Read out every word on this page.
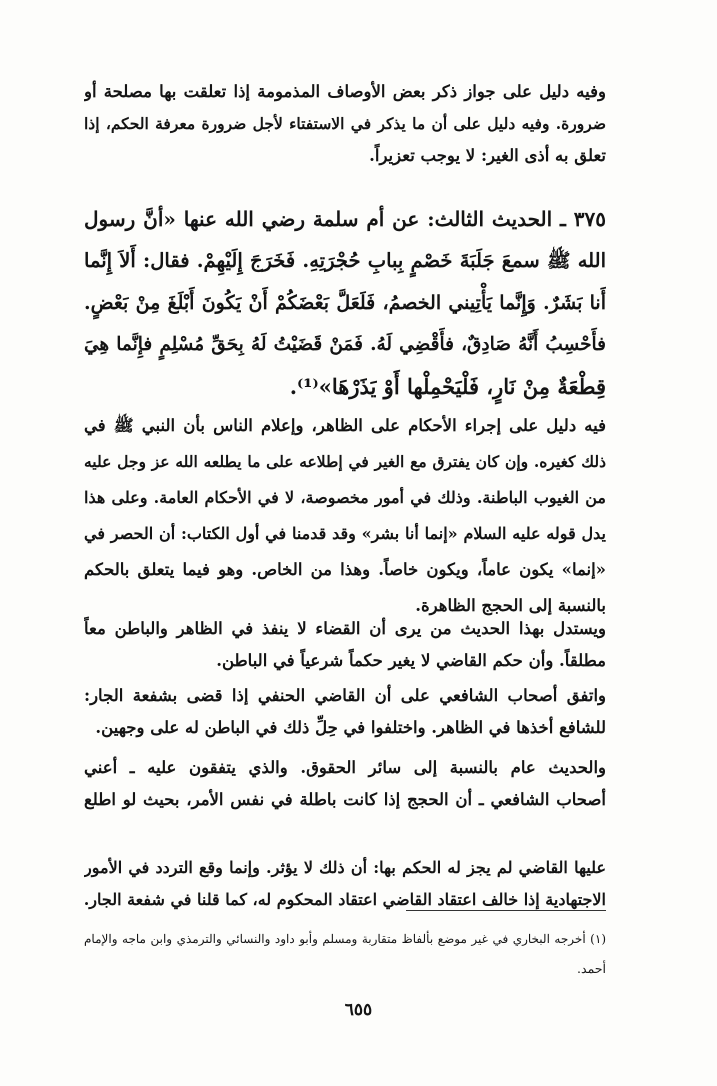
وفيه دليل على جواز ذكر بعض الأوصاف المذمومة إذا تعلقت بها مصلحة أو
ضرورة. وفيه دليل على أن ما يذكر في الاستفتاء لأجل ضرورة معرفة الحكم، إذا
تعلق به أذى الغير: لا يوجب تعزيراً.
٣٧٥ ـ الحديث الثالث: عن أم سلمة رضي الله عنها «أنَّ رسول
الله ﷺ سمعَ جَلَبَةَ خَصْمٍ بِبابِ حُجْرَتِهِ. فَخَرَجَ إِلَيْهِمْ. فقال: أَلاَ إِنَّما
أَنا بَشَرٌ. وَإِنَّما يَأْتِيني الخصمُ، فَلَعَلَّ بَعْضَكُمْ أَنْ يَكُونَ أَبْلَغَ مِنْ بَعْضٍ.
فأَحْسِبُ أَنَّهُ صَادِقٌ، فأَقْضِي لَهُ. فَمَنْ قَضَيْتُ لَهُ بِحَقِّ مُسْلِمٍ فإِنَّما هِيَ
قِطْعَةٌ مِنْ نَارٍ، فَلْيَحْمِلْها أَوْ يَذَرْهَا»⁽¹⁾.
فيه دليل على إجراء الأحكام على الظاهر، وإعلام الناس بأن النبي ﷺ في
ذلك كغيره. وإن كان يفترق مع الغير في إطلاعه على ما يطلعه الله عز وجل عليه
من الغيوب الباطنة. وذلك في أمور مخصوصة، لا في الأحكام العامة. وعلى هذا
يدل قوله عليه السلام «إنما أنا بشر» وقد قدمنا في أول الكتاب: أن الحصر في
«إنما» يكون عاماً، ويكون خاصاً. وهذا من الخاص. وهو فيما يتعلق بالحكم
بالنسبة إلى الحجج الظاهرة.
ويستدل بهذا الحديث من يرى أن القضاء لا ينفذ في الظاهر والباطن معاً
مطلقاً. وأن حكم القاضي لا يغير حكماً شرعياً في الباطن.
واتفق أصحاب الشافعي على أن القاضي الحنفي إذا قضى بشفعة الجار:
للشافع أخذها في الظاهر. واختلفوا في حِلِّ ذلك في الباطن له على وجهين.
والحديث عام بالنسبة إلى سائر الحقوق. والذي يتفقون عليه ـ أعني
أصحاب الشافعي ـ أن الحجج إذا كانت باطلة في نفس الأمر، بحيث لو اطلع
عليها القاضي لم يجز له الحكم بها: أن ذلك لا يؤثر. وإنما وقع التردد في الأمور
الاجتهادية إذا خالف اعتقاد القاضي اعتقاد المحكوم له، كما قلنا في شفعة الجار.
(١) أخرجه البخاري في غير موضع بألفاظ متقاربة ومسلم وأبو داود والنسائي والترمذي وابن ماجه والإمام
أحمد.
٦٥٥
